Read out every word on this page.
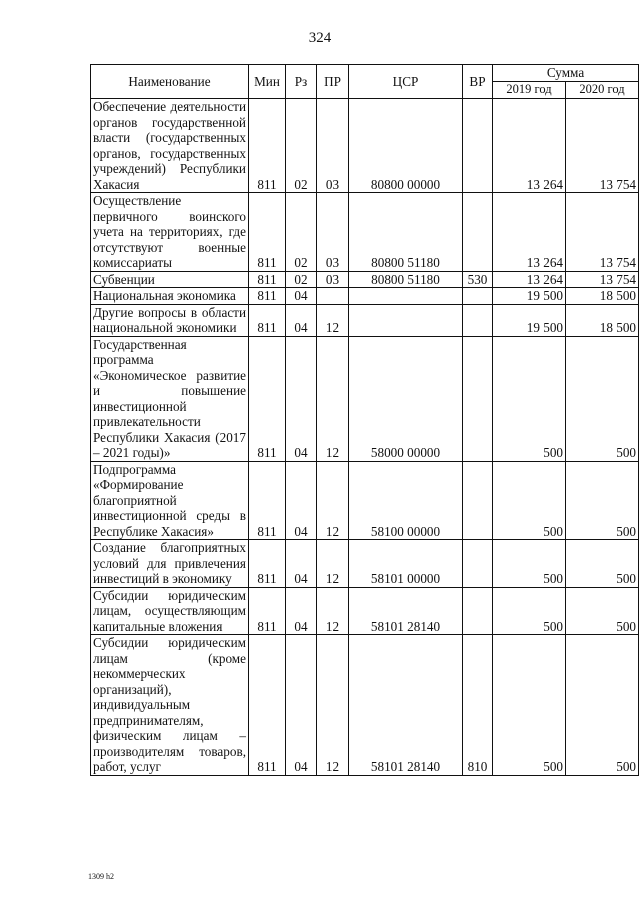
324
Наименование	Мин	Рз	ПР	ЦСР	ВР	Сумма	
						2019 год	2020 год
Обеспечение деятельности органов государственной власти (государственных органов, государственных учреждений) Республики Хакасия	811	02	03	80800 00000		13 264	13 754
Осуществление первичного воинского учета на территориях, где отсутствуют военные комиссариаты	811	02	03	80800 51180		13 264	13 754
Субвенции	811	02	03	80800 51180	530	13 264	13 754
Национальная экономика	811	04				19 500	18 500
Другие вопросы в области национальной экономики	811	04	12			19 500	18 500
Государственная программа «Экономическое развитие и повышение инвестиционной привлекательности Республики Хакасия (2017 – 2021 годы)»	811	04	12	58000 00000		500	500
Подпрограмма «Формирование благоприятной инвестиционной среды в Республике Хакасия»	811	04	12	58100 00000		500	500
Создание благоприятных условий для привлечения инвестиций в экономику	811	04	12	58101 00000		500	500
Субсидии юридическим лицам, осуществляющим капитальные вложения	811	04	12	58101 28140		500	500
Субсидии юридическим лицам (кроме некоммерческих организаций), индивидуальным предпринимателям, физическим лицам – производителям товаров, работ, услуг	811	04	12	58101 28140	810	500	500
1309 h2
